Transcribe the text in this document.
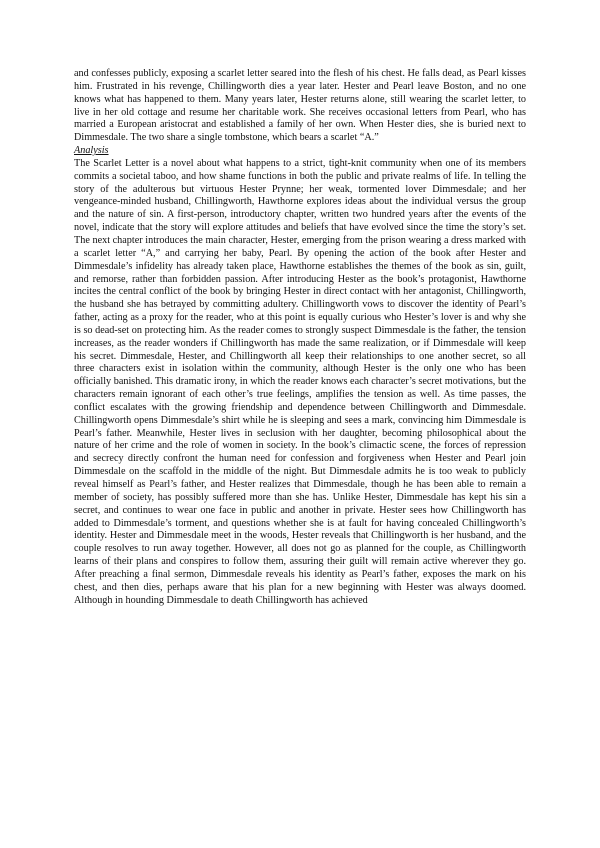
and confesses publicly, exposing a scarlet letter seared into the flesh of his chest. He falls dead, as Pearl kisses him. Frustrated in his revenge, Chillingworth dies a year later. Hester and Pearl leave Boston, and no one knows what has happened to them. Many years later, Hester returns alone, still wearing the scarlet letter, to live in her old cottage and resume her charitable work. She receives occasional letters from Pearl, who has married a European aristocrat and established a family of her own. When Hester dies, she is buried next to Dimmesdale. The two share a single tombstone, which bears a scarlet “A.”

Analysis

The Scarlet Letter is a novel about what happens to a strict, tight-knit community when one of its members commits a societal taboo, and how shame functions in both the public and private realms of life. In telling the story of the adulterous but virtuous Hester Prynne; her weak, tormented lover Dimmesdale; and her vengeance-minded husband, Chillingworth, Hawthorne explores ideas about the individual versus the group and the nature of sin. A first-person, introductory chapter, written two hundred years after the events of the novel, indicate that the story will explore attitudes and beliefs that have evolved since the time the story’s set. The next chapter introduces the main character, Hester, emerging from the prison wearing a dress marked with a scarlet letter “A,” and carrying her baby, Pearl. By opening the action of the book after Hester and Dimmesdale’s infidelity has already taken place, Hawthorne establishes the themes of the book as sin, guilt, and remorse, rather than forbidden passion. After introducing Hester as the book’s protagonist, Hawthorne incites the central conflict of the book by bringing Hester in direct contact with her antagonist, Chillingworth, the husband she has betrayed by committing adultery. Chillingworth vows to discover the identity of Pearl’s father, acting as a proxy for the reader, who at this point is equally curious who Hester’s lover is and why she is so dead-set on protecting him. As the reader comes to strongly suspect Dimmesdale is the father, the tension increases, as the reader wonders if Chillingworth has made the same realization, or if Dimmesdale will keep his secret. Dimmesdale, Hester, and Chillingworth all keep their relationships to one another secret, so all three characters exist in isolation within the community, although Hester is the only one who has been officially banished. This dramatic irony, in which the reader knows each character’s secret motivations, but the characters remain ignorant of each other’s true feelings, amplifies the tension as well. As time passes, the conflict escalates with the growing friendship and dependence between Chillingworth and Dimmesdale. Chillingworth opens Dimmesdale’s shirt while he is sleeping and sees a mark, convincing him Dimmesdale is Pearl’s father. Meanwhile, Hester lives in seclusion with her daughter, becoming philosophical about the nature of her crime and the role of women in society. In the book’s climactic scene, the forces of repression and secrecy directly confront the human need for confession and forgiveness when Hester and Pearl join Dimmesdale on the scaffold in the middle of the night. But Dimmesdale admits he is too weak to publicly reveal himself as Pearl’s father, and Hester realizes that Dimmesdale, though he has been able to remain a member of society, has possibly suffered more than she has. Unlike Hester, Dimmesdale has kept his sin a secret, and continues to wear one face in public and another in private. Hester sees how Chillingworth has added to Dimmesdale’s torment, and questions whether she is at fault for having concealed Chillingworth’s identity. Hester and Dimmesdale meet in the woods, Hester reveals that Chillingworth is her husband, and the couple resolves to run away together. However, all does not go as planned for the couple, as Chillingworth learns of their plans and conspires to follow them, assuring their guilt will remain active wherever they go. After preaching a final sermon, Dimmesdale reveals his identity as Pearl’s father, exposes the mark on his chest, and then dies, perhaps aware that his plan for a new beginning with Hester was always doomed. Although in hounding Dimmesdale to death Chillingworth has achieved
